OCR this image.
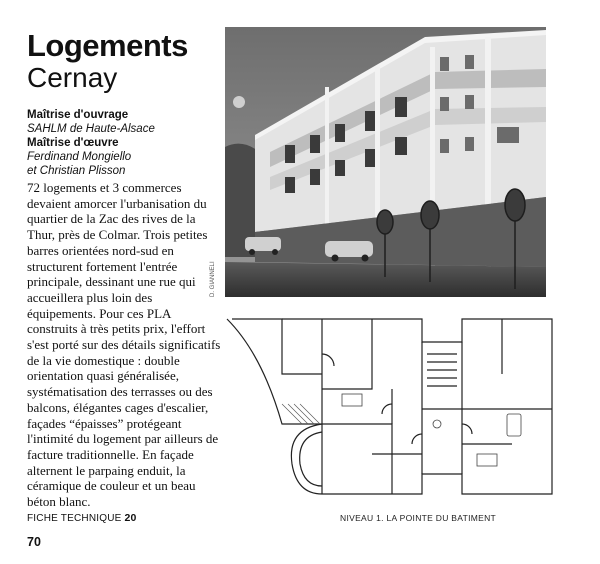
Logements
Cernay
Maîtrise d'ouvrage
SAHLM de Haute-Alsace
Maîtrise d'œuvre
Ferdinand Mongiello
et Christian Plisson

72 logements et 3 commerces devaient amorcer l'urbanisation du quartier de la Zac des rives de la Thur, près de Colmar. Trois petites barres orientées nord-sud en structurent fortement l'entrée principale, dessinant une rue qui accueillera plus loin des équipements. Pour ces PLA construits à très petits prix, l'effort s'est porté sur des détails significatifs de la vie domestique : double orientation quasi généralisée, systématisation des terrasses ou des balcons, élégantes cages d'escalier, façades “épaisses” protégeant l'intimité du logement par ailleurs de facture traditionnelle. En façade alternent le parpaing enduit, la céramique de couleur et un beau béton blanc.

D. GIANNELI
FICHE TECHNIQUE 20	NIVEAU 1. LA POINTE DU BATIMENT
70
